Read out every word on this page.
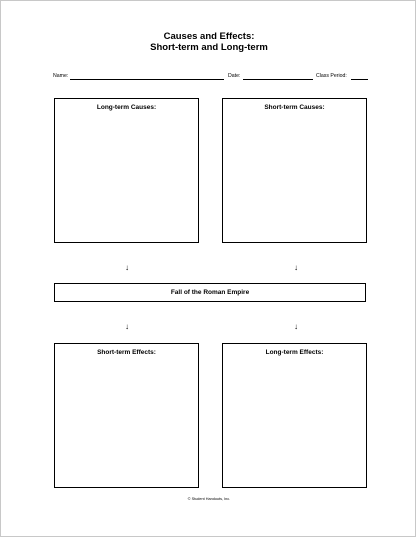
Causes and Effects:
Short-term and Long-term
Name:	Date:	Class Period:
Long-term Causes:	Short-term Causes:
↓	↓
Fall of the Roman Empire
↓	↓
Short-term Effects:	Long-term Effects:
© Student Handouts, Inc.
